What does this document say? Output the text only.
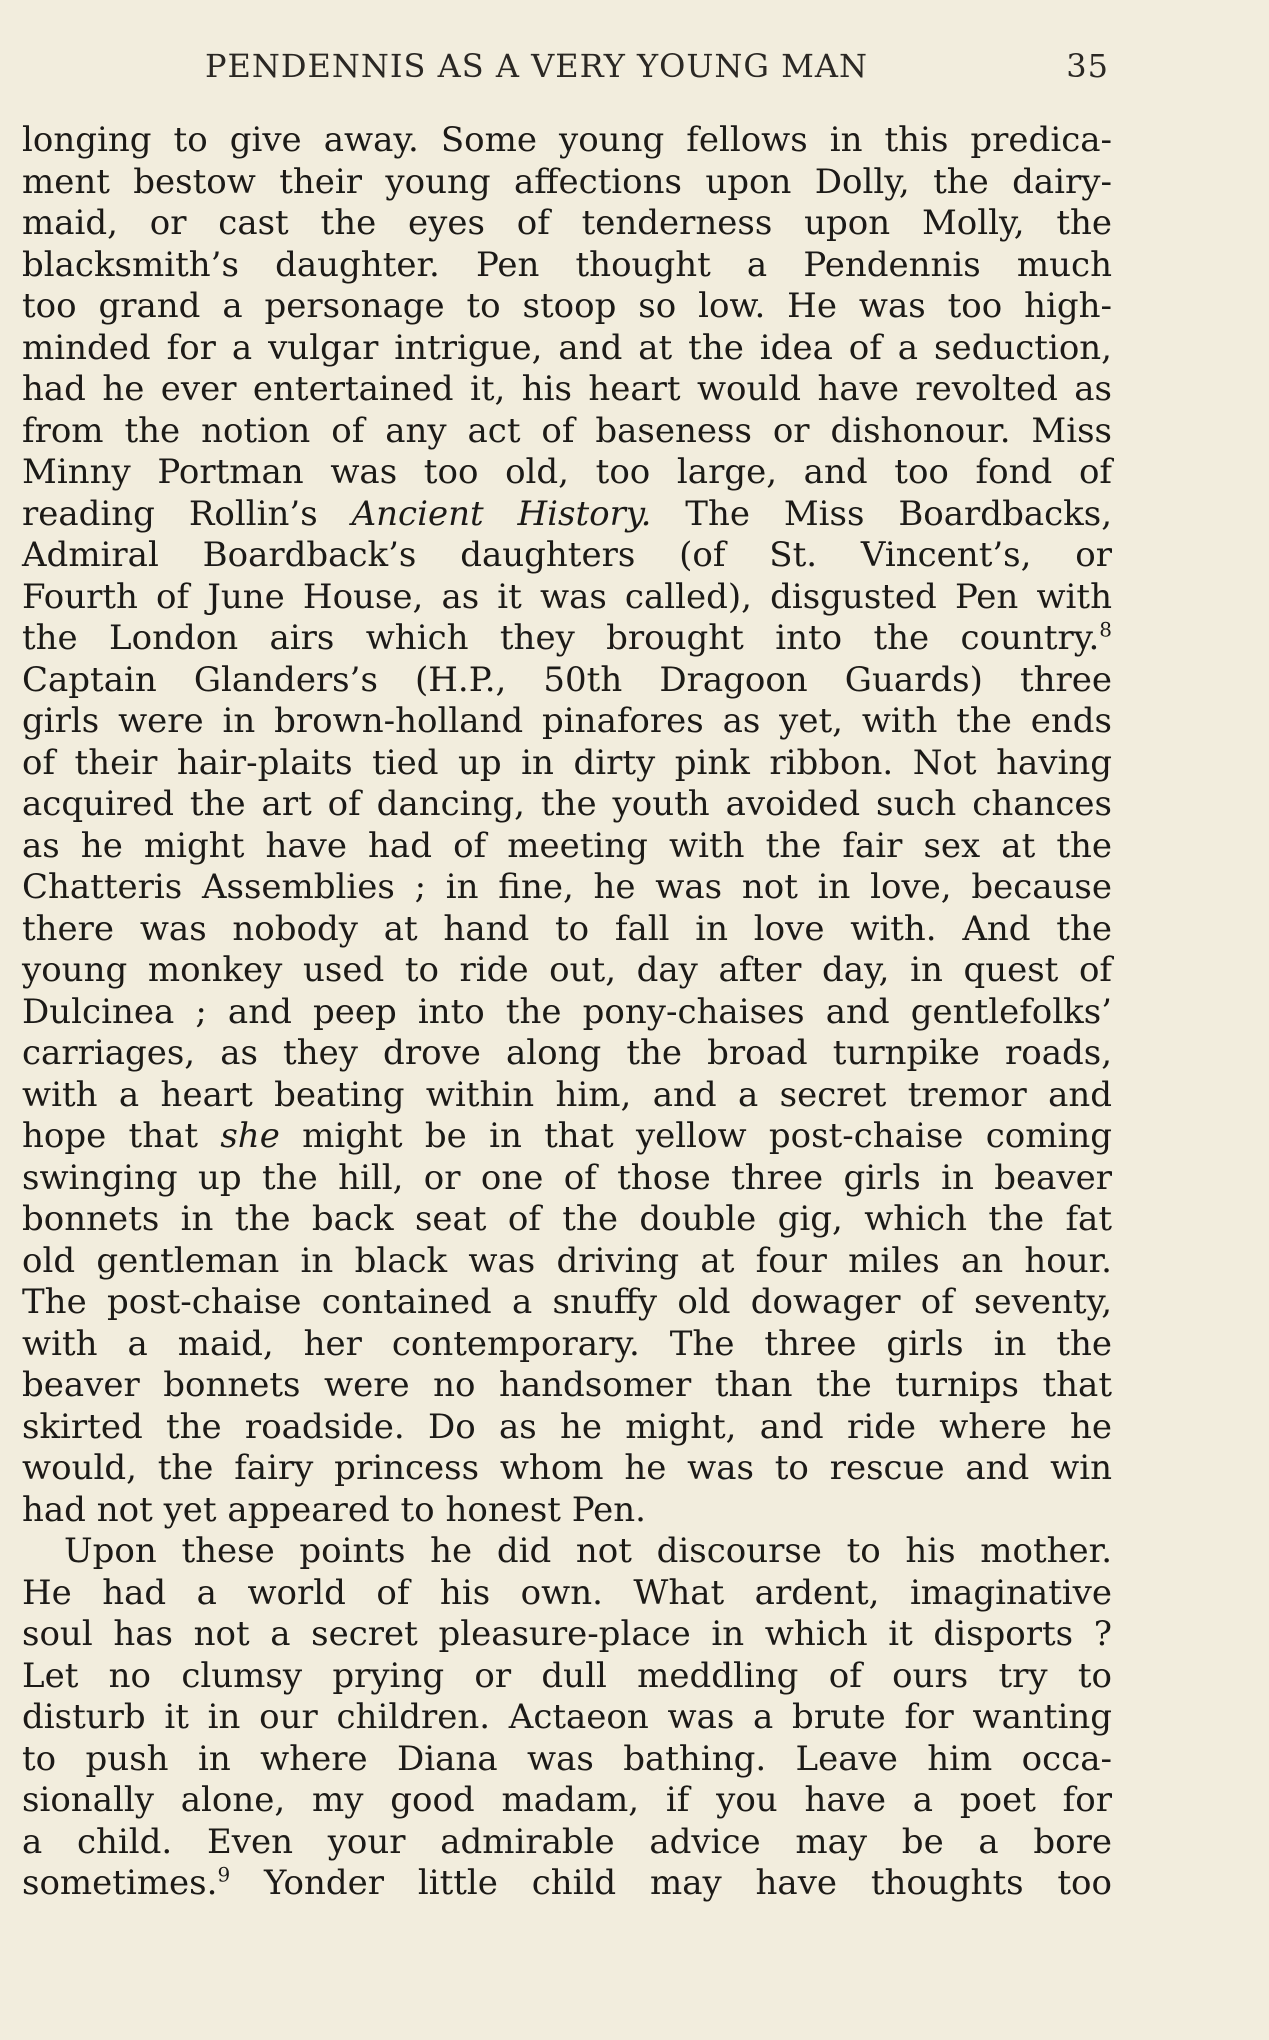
PENDENNIS AS A VERY YOUNG MAN	35
longing to give away. Some young fellows in this predica-
ment bestow their young affections upon Dolly, the dairy-
maid, or cast the eyes of tenderness upon Molly, the
blacksmith’s daughter. Pen thought a Pendennis much
too grand a personage to stoop so low. He was too high-
minded for a vulgar intrigue, and at the idea of a seduction,
had he ever entertained it, his heart would have revolted as
from the notion of any act of baseness or dishonour. Miss
Minny Portman was too old, too large, and too fond of
reading Rollin’s Ancient History. The Miss Boardbacks,
Admiral Boardback’s daughters (of St. Vincent’s, or
Fourth of June House, as it was called), disgusted Pen with
the London airs which they brought into the country.$^8$
Captain Glanders’s (H.P., 50th Dragoon Guards) three
girls were in brown-holland pinafores as yet, with the ends
of their hair-plaits tied up in dirty pink ribbon. Not having
acquired the art of dancing, the youth avoided such chances
as he might have had of meeting with the fair sex at the
Chatteris Assemblies ; in fine, he was not in love, because
there was nobody at hand to fall in love with. And the
young monkey used to ride out, day after day, in quest of
Dulcinea ; and peep into the pony-chaises and gentlefolks’
carriages, as they drove along the broad turnpike roads,
with a heart beating within him, and a secret tremor and
hope that she might be in that yellow post-chaise coming
swinging up the hill, or one of those three girls in beaver
bonnets in the back seat of the double gig, which the fat
old gentleman in black was driving at four miles an hour.
The post-chaise contained a snuffy old dowager of seventy,
with a maid, her contemporary. The three girls in the
beaver bonnets were no handsomer than the turnips that
skirted the roadside. Do as he might, and ride where he
would, the fairy princess whom he was to rescue and win
had not yet appeared to honest Pen.
Upon these points he did not discourse to his mother.
He had a world of his own. What ardent, imaginative
soul has not a secret pleasure-place in which it disports ?
Let no clumsy prying or dull meddling of ours try to
disturb it in our children. Actaeon was a brute for wanting
to push in where Diana was bathing. Leave him occa-
sionally alone, my good madam, if you have a poet for
a child. Even your admirable advice may be a bore
sometimes.$^9$ Yonder little child may have thoughts too
